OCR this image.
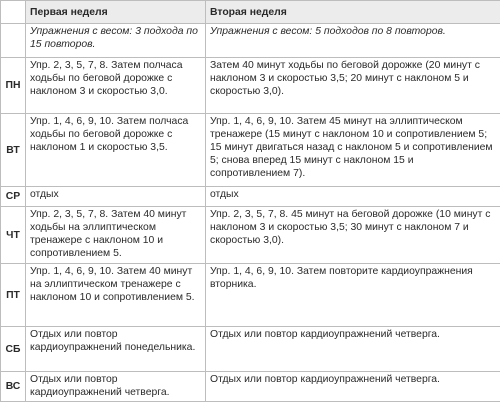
	Первая неделя	Вторая неделя
	Упражнения с весом: 3 подхода по 15 повторов.	Упражнения с весом: 5 подходов по 8 повторов.
ПН	Упр. 2, 3, 5, 7, 8. Затем полчаса ходьбы по беговой дорожке с наклоном 3 и скоростью 3,0.	Затем 40 минут ходьбы по беговой дорожке (20 минут с наклоном 3 и скоростью 3,5; 20 минут с наклоном 5 и скоростью 3,0).
ВТ	Упр. 1, 4, 6, 9, 10. Затем полчаса ходьбы по беговой дорожке с наклоном 1 и скоростью 3,5.	Упр. 1, 4, 6, 9, 10. Затем 45 минут на эллиптическом тренажере (15 минут с наклоном 10 и сопротивлением 5; 15 минут двигаться назад с наклоном 5 и сопротивлением 5; снова вперед 15 минут с наклоном 15 и сопротивлением 7).
СР	отдых	отдых
ЧТ	Упр. 2, 3, 5, 7, 8. Затем 40 минут ходьбы на эллиптическом тренажере с наклоном 10 и сопротивлением 5.	Упр. 2, 3, 5, 7, 8. 45 минут на беговой дорожке (10 минут с наклоном 3 и скоростью 3,5; 30 минут с наклоном 7 и скоростью 3,0).
ПТ	Упр. 1, 4, 6, 9, 10. Затем 40 минут на эллиптическом тренажере с наклоном 10 и сопротивлением 5.	Упр. 1, 4, 6, 9, 10. Затем повторите кардиоупражнения вторника.
СБ	Отдых или повтор кардиоупражнений понедельника.	Отдых или повтор кардиоупражнений четверга.
ВС	Отдых или повтор кардиоупражнений четверга.	Отдых или повтор кардиоупражнений четверга.
